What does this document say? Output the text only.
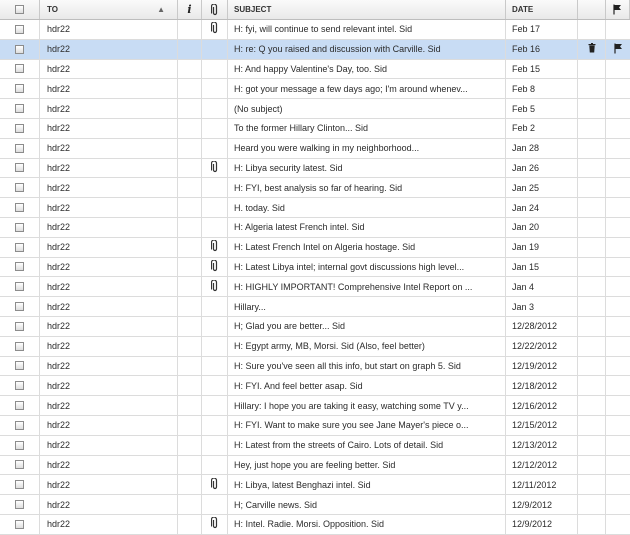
TO	▲ i	SUBJECT	DATE
hdr22	H: fyi, will continue to send relevant intel. Sid	Feb 17
hdr22	H: re: Q you raised and discussion with Carville. Sid	Feb 16
hdr22	H: And happy Valentine's Day, too. Sid	Feb 15
hdr22	H: got your message a few days ago; I'm around whenev...	Feb 8
hdr22	(No subject)	Feb 5
hdr22	To the former Hillary Clinton... Sid	Feb 2
hdr22	Heard you were walking in my neighborhood...	Jan 28
hdr22	H: Libya security latest. Sid	Jan 26
hdr22	H: FYI, best analysis so far of hearing. Sid	Jan 25
hdr22	H. today. Sid	Jan 24
hdr22	H: Algeria latest French intel. Sid	Jan 20
hdr22	H: Latest French Intel on Algeria hostage. Sid	Jan 19
hdr22	H: Latest Libya intel; internal govt discussions high level...	Jan 15
hdr22	H: HIGHLY IMPORTANT! Comprehensive Intel Report on ...	Jan 4
hdr22	Hillary...	Jan 3
hdr22	H; Glad you are better... Sid	12/28/2012
hdr22	H: Egypt army, MB, Morsi. Sid (Also, feel better)	12/22/2012
hdr22	H: Sure you've seen all this info, but start on graph 5. Sid	12/19/2012
hdr22	H: FYI. And feel better asap. Sid	12/18/2012
hdr22	Hillary: I hope you are taking it easy, watching some TV y...	12/16/2012
hdr22	H: FYI. Want to make sure you see Jane Mayer's piece o...	12/15/2012
hdr22	H: Latest from the streets of Cairo. Lots of detail. Sid	12/13/2012
hdr22	Hey, just hope you are feeling better. Sid	12/12/2012
hdr22	H: Libya, latest Benghazi intel. Sid	12/11/2012
hdr22	H; Carville news. Sid	12/9/2012
hdr22	H: Intel. Radie. Morsi. Opposition. Sid	12/9/2012
